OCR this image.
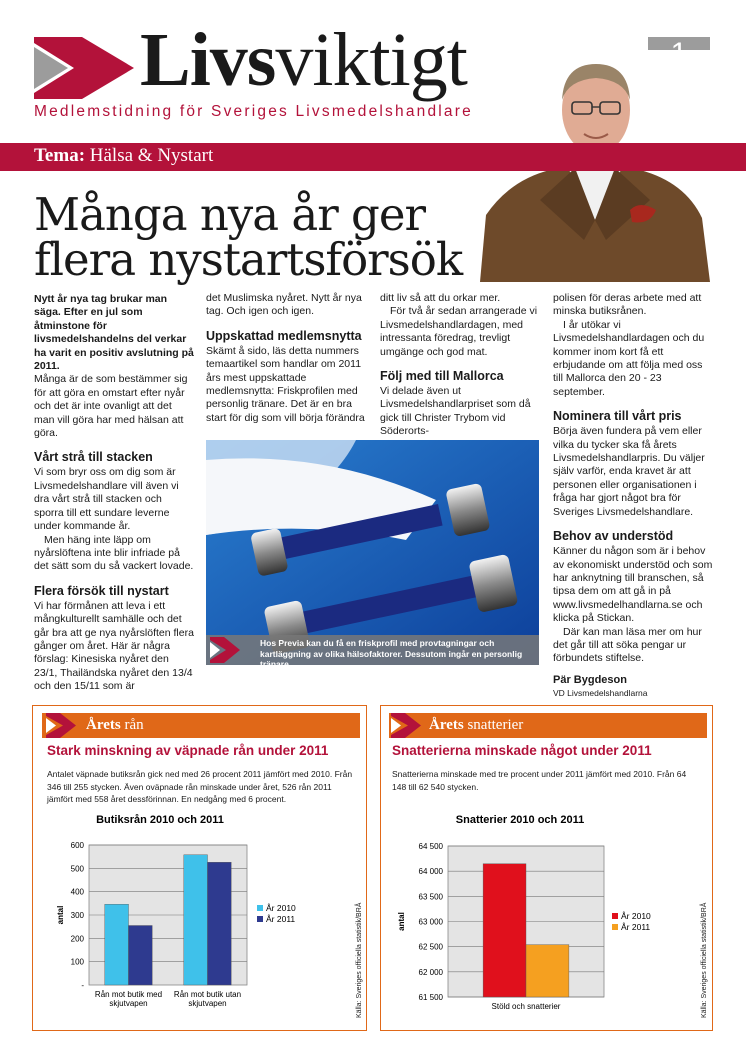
Livsviktigt
Medlemstidning för Sveriges Livsmedelshandlare
Tema: Hälsa & Nystart
Många nya år ger
flera nystartsförsök

Nytt år nya tag brukar man säga. Efter en jul som åtminstone för livsmedelshandelns del verkar ha varit en positiv avslutning på 2011.

Många är de som bestämmer sig för att göra en omstart efter nyår och det är inte ovanligt att det man vill göra har med hälsan att göra.

Vårt strå till stacken

Vi som bryr oss om dig som är Livsmedelshandlare vill även vi dra vårt strå till stacken och sporra till ett sundare leverne under kommande år.

Men häng inte läpp om nyårslöftena inte blir infriade på det sätt som du så vackert lovade.

Flera försök till nystart

Vi har förmånen att leva i ett mångkulturellt samhälle och det går bra att ge nya nyårslöften flera gånger om året. Här är några förslag: Kinesiska nyåret den 23/1, Thailändska nyåret den 13/4 och den 15/11 som är

det Muslimska nyåret. Nytt år nya tag. Och igen och igen.

Uppskattad medlemsnytta

Skämt å sido, läs detta nummers temaartikel som handlar om 2011 års mest uppskattade medlemsnytta: Friskprofilen med personlig tränare. Det är en bra start för dig som vill börja förändra

ditt liv så att du orkar mer.

För två år sedan arrangerade vi Livsmedelshandlardagen, med intressanta föredrag, trevligt umgänge och god mat.

Följ med till Mallorca

Vi delade även ut Livsmedelshandlarpriset som då gick till Christer Trybom vid Söderorts-

polisen för deras arbete med att minska butiksrånen.

I år utökar vi Livsmedelshandlardagen och du kommer inom kort få ett erbjudande om att följa med oss till Mallorca den 20 - 23 september.

Nominera till vårt pris

Börja även fundera på vem eller vilka du tycker ska få årets Livsmedelshandlarpris. Du väljer själv varför, enda kravet är att personen eller organisationen i fråga har gjort något bra för Sveriges Livsmedelshandlare.

Behov av understöd

Känner du någon som är i behov av ekonomiskt understöd och som har anknytning till branschen, så tipsa dem om att gå in på www.livsmedelhandlarna.se och klicka på Stickan.

Där kan man läsa mer om hur det går till att söka pengar ur förbundets stiftelse.

Pär Bygdeson

VD Livsmedelshandlarna

Hos Previa kan du få en friskprofil med provtagningar och kartläggning av olika hälsofaktorer. Dessutom ingår en personlig tränare.
Årets rån
Stark minskning av väpnade rån under 2011
Antalet väpnade butiksrån gick ned med 26 procent 2011 jämfört med 2010. Från 346 till 255 stycken. Även oväpnade rån minskade under året, 526 rån 2011 jämfört med 558 året dessförinnan. En nedgång med 6 procent.
Källa: Sveriges officiella statistik/BRÅ
Butiksrån 2010 och 2011
600
500
400
300
200
100
-
antal
Rån mot butik med
skjutvapen
Rån mot butik utan
skjutvapen
År 2010
År 2011
Årets snatterier
Snatterierna minskade något under 2011
Snatterierna minskade med tre procent under 2011 jämfört med 2010. Från 64 148 till 62 540 stycken.
Källa: Sveriges officiella statistik/BRÅ
Snatterier 2010 och 2011
64 500
64 000
63 500
63 000
62 500
62 000
61 500
antal
Stöld och snatterier
År 2010
År 2011
